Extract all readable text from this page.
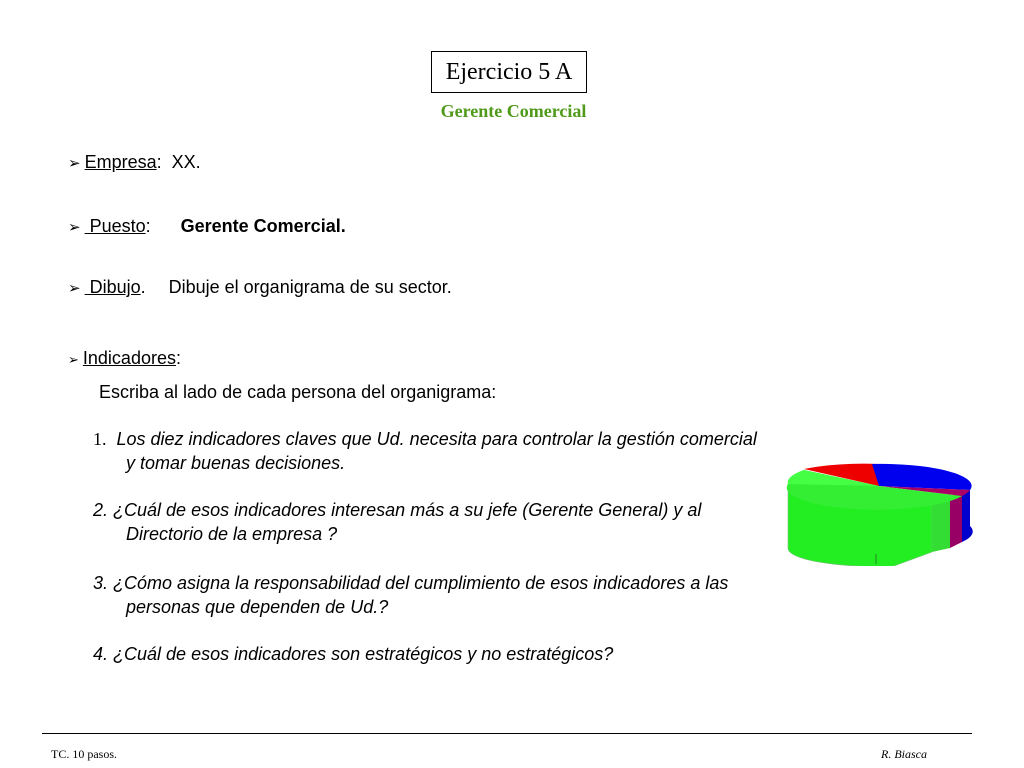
Ejercicio 5 A
Gerente Comercial
➢ Empresa: XX.
➢ Puesto: Gerente Comercial.
➢ Dibujo. Dibuje el organigrama de su sector.
➢ Indicadores:
Escriba al lado de cada persona del organigrama:
1. Los diez indicadores claves que Ud. necesita para controlar la gestión comercial
y tomar buenas decisiones.
2. ¿Cuál de esos indicadores interesan más a su jefe (Gerente General) y al
Directorio de la empresa ?
3. ¿Cómo asigna la responsabilidad del cumplimiento de esos indicadores a las
personas que dependen de Ud.?
4. ¿Cuál de esos indicadores son estratégicos y no estratégicos?
TC. 10 pasos.	R. Biasca
